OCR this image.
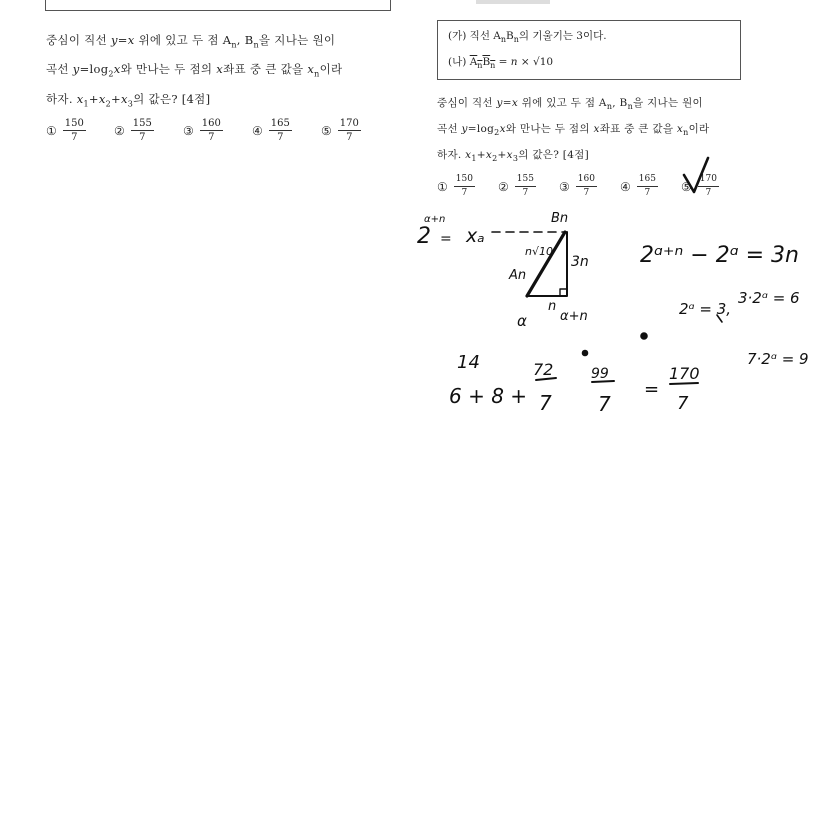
중심이 직선 y=x 위에 있고 두 점 $A_n$, $B_n$을 지나는 원이
곡선 $y=\log_2x$와 만나는 두 점의 x좌표 중 큰 값을 $x_n$이라
하자. $x_1+x_2+x_3$의 값은? [4점]
① $\frac{150}{7}$ ② $\frac{155}{7}$ ③ $\frac{160}{7}$ ④ $\frac{165}{7}$ ⑤ $\frac{170}{7}$
(가) 직선 $A_nB_n$의 기울기는 3이다.
(나) $A_nB_n = n \times √10$
중심이 직선 y=x 위에 있고 두 점 $A_n$, $B_n$을 지나는 원이
곡선 $y=\log_2x$와 만나는 두 점의 x좌표 중 큰 값을 $x_n$이라
하자. $x_1+x_2+x_3$의 값은? [4점]
① $\frac{150}{7}$ ② $\frac{155}{7}$ ③ $\frac{160}{7}$ ④ $\frac{165}{7}$ ⑤ $\frac{170}{7}$
2
α+n
= xₐ
Bn
An
n√10
3n
n
α	α+n
2ᵅ⁺ⁿ − 2ᵅ = 3n
2ᵅ = 3,
3·2ᵅ = 6
7·2ᵅ = 9
14
6 + 8 +
72
7
99
7
=
170
7
